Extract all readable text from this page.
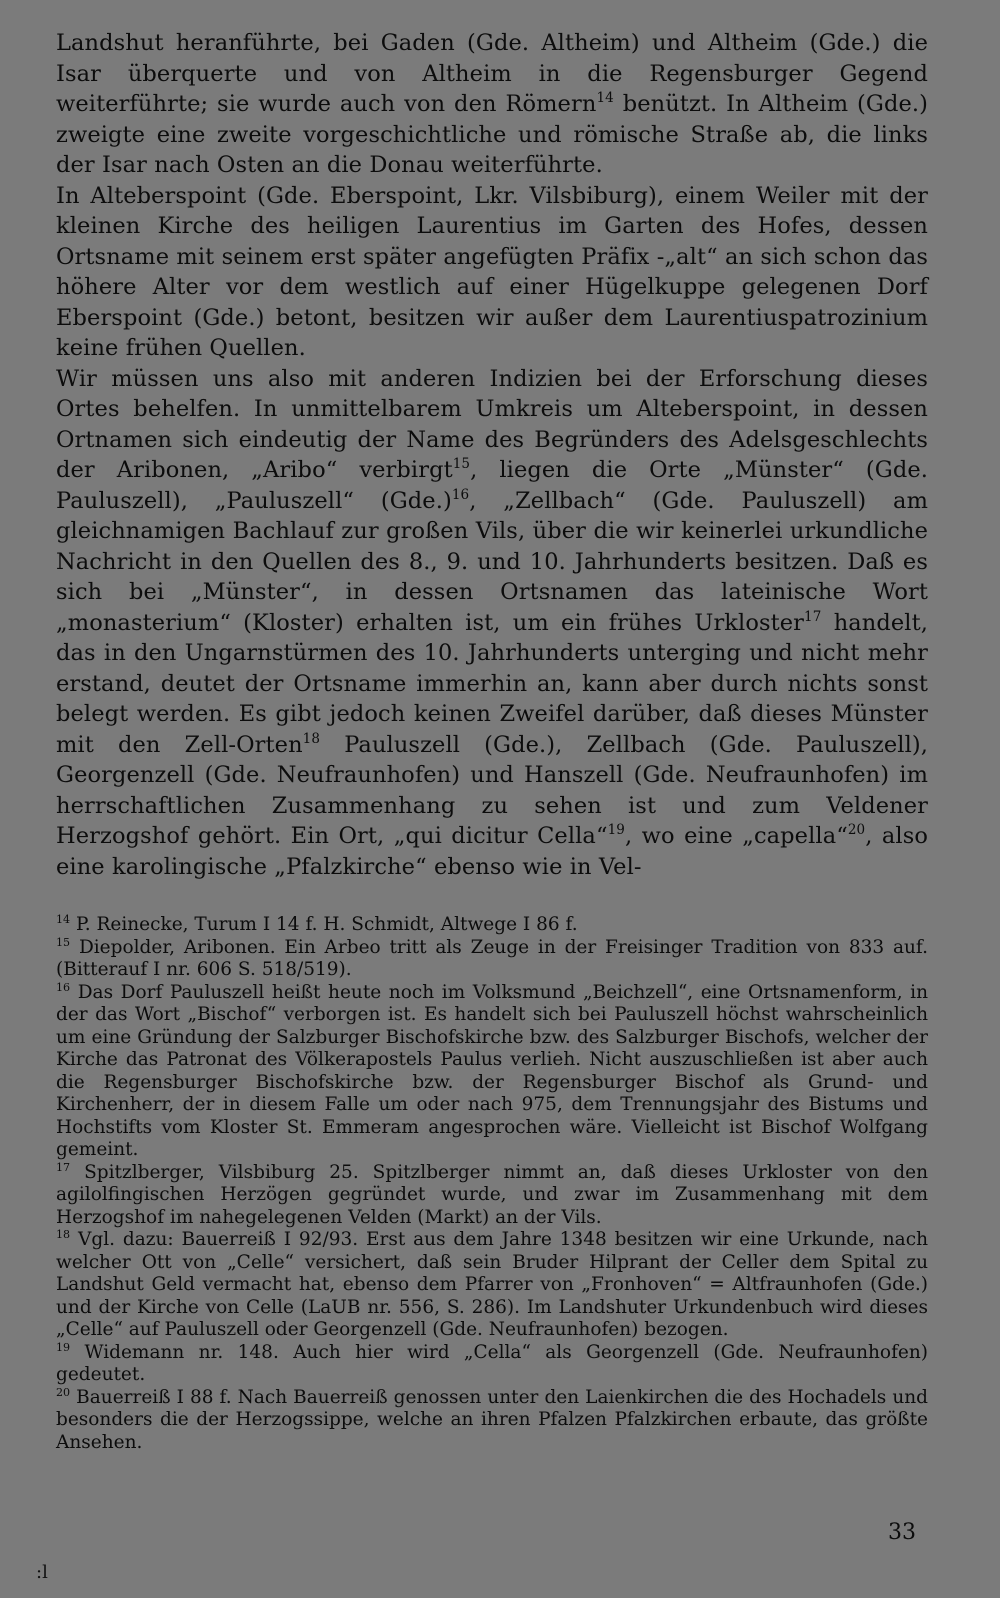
Landshut heranführte, bei Gaden (Gde. Altheim) und Altheim (Gde.) die Isar überquerte und von Altheim in die Regensburger Gegend weiterführte; sie wurde auch von den Römern$^{14}$ benützt. In Altheim (Gde.) zweigte eine zweite vorgeschichtliche und römische Straße ab, die links der Isar nach Osten an die Donau weiterführte.

In Alteberspoint (Gde. Eberspoint, Lkr. Vilsbiburg), einem Weiler mit der kleinen Kirche des heiligen Laurentius im Garten des Hofes, dessen Ortsname mit seinem erst später angefügten Präfix -„alt“ an sich schon das höhere Alter vor dem westlich auf einer Hügelkuppe gelegenen Dorf Eberspoint (Gde.) betont, besitzen wir außer dem Laurentiuspatrozinium keine frühen Quellen.

Wir müssen uns also mit anderen Indizien bei der Erforschung dieses Ortes behelfen. In unmittelbarem Umkreis um Alteberspoint, in dessen Ortnamen sich eindeutig der Name des Begründers des Adelsgeschlechts der Aribonen, „Aribo“ verbirgt$^{15}$, liegen die Orte „Münster“ (Gde. Pauluszell), „Pauluszell“ $(Gde.)^{16}$, „Zellbach“ (Gde. Pauluszell) am gleichnamigen Bachlauf zur großen Vils, über die wir keinerlei urkundliche Nachricht in den Quellen des 8., 9. und 10. Jahrhunderts besitzen. Daß es sich bei „Münster“, in dessen Ortsnamen das lateinische Wort „monasterium“ (Kloster) erhalten ist, um ein frühes Urkloster$^{17}$ handelt, das in den Ungarnstürmen des 10. Jahrhunderts unterging und nicht mehr erstand, deutet der Ortsname immerhin an, kann aber durch nichts sonst belegt werden. Es gibt jedoch keinen Zweifel darüber, daß dieses Münster mit den Zell-Orten$^{18}$ Pauluszell (Gde.), Zellbach (Gde. Pauluszell), Georgenzell (Gde. Neufraunhofen) und Hanszell (Gde. Neufraunhofen) im herrschaftlichen Zusammenhang zu sehen ist und zum Veldener Herzogshof gehört. Ein Ort, „qui dicitur Cella“$^{19}$, wo eine „capella“$^{20}$, also eine karolingische „Pfalzkirche“ ebenso wie in Vel-

$^{14}$ P. Reinecke, Turum I 14 f. H. Schmidt, Altwege I 86 f.

$^{15}$ Diepolder, Aribonen. Ein Arbeo tritt als Zeuge in der Freisinger Tradition von 833 auf. (Bitterauf I nr. 606 S. 518/519).

$^{16}$ Das Dorf Pauluszell heißt heute noch im Volksmund „Beichzell“, eine Ortsnamenform, in der das Wort „Bischof“ verborgen ist. Es handelt sich bei Pauluszell höchst wahrscheinlich um eine Gründung der Salzburger Bischofskirche bzw. des Salzburger Bischofs, welcher der Kirche das Patronat des Völkerapostels Paulus verlieh. Nicht auszuschließen ist aber auch die Regensburger Bischofskirche bzw. der Regensburger Bischof als Grund- und Kirchenherr, der in diesem Falle um oder nach 975, dem Trennungsjahr des Bistums und Hochstifts vom Kloster St. Emmeram angesprochen wäre. Vielleicht ist Bischof Wolfgang gemeint.

$^{17}$ Spitzlberger, Vilsbiburg 25. Spitzlberger nimmt an, daß dieses Urkloster von den agilolfingischen Herzögen gegründet wurde, und zwar im Zusammenhang mit dem Herzogshof im nahegelegenen Velden (Markt) an der Vils.

$^{18}$ Vgl. dazu: Bauerreiß I 92/93. Erst aus dem Jahre 1348 besitzen wir eine Urkunde, nach welcher Ott von „Celle“ versichert, daß sein Bruder Hilprant der Celler dem Spital zu Landshut Geld vermacht hat, ebenso dem Pfarrer von „Fronhoven“ = Altfraunhofen (Gde.) und der Kirche von Celle (LaUB nr. 556, S. 286). Im Landshuter Urkundenbuch wird dieses „Celle“ auf Pauluszell oder Georgenzell (Gde. Neufraunhofen) bezogen.

$^{19}$ Widemann nr. 148. Auch hier wird „Cella“ als Georgenzell (Gde. Neufraunhofen) gedeutet.

$^{20}$ Bauerreiß I 88 f. Nach Bauerreiß genossen unter den Laienkirchen die des Hochadels und besonders die der Herzogssippe, welche an ihren Pfalzen Pfalzkirchen erbaute, das größte Ansehen.

33
:l
